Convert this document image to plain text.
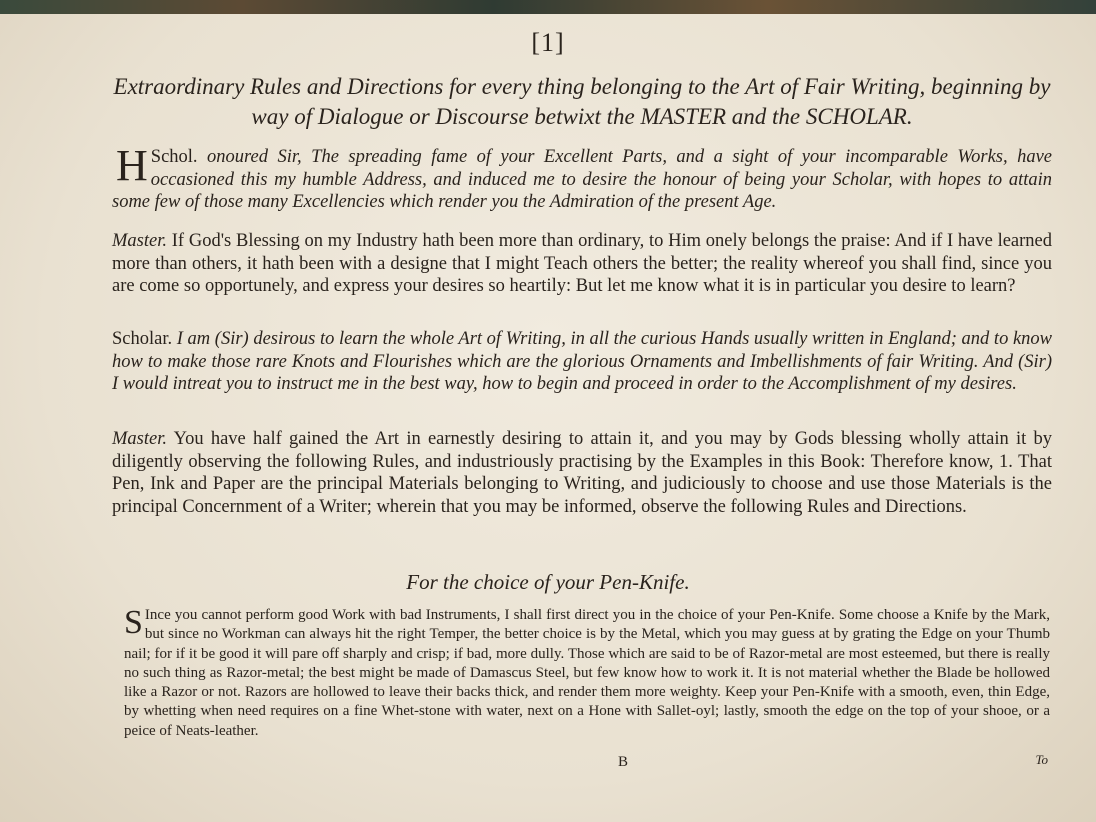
[1]
Extraordinary Rules and Directions for every thing belonging to the Art of Fair Writing, beginning by way of Dialogue or Discourse betwixt the MASTER and the SCHOLAR.
Schol.
H	onoured Sir, The spreading fame of your Excellent Parts, and a sight of your incomparable Works, have occasioned this my humble Address, and induced me to desire the honour of being your Scholar, with hopes to attain some few of those many Excellencies which render you the Admiration of the present Age.
Master. If God's Blessing on my Industry hath been more than ordinary, to Him onely belongs the praise: And if I have learned more than others, it hath been with a designe that I might Teach others the better; the reality whereof you shall find, since you are come so opportunely, and express your desires so heartily: But let me know what it is in particular you desire to learn?
Scholar. I am (Sir) desirous to learn the whole Art of Writing, in all the curious Hands usually written in England; and to know how to make those rare Knots and Flourishes which are the glorious Ornaments and Imbellishments of fair Writing. And (Sir) I would intreat you to instruct me in the best way, how to begin and proceed in order to the Accomplishment of my desires.
Master. You have half gained the Art in earnestly desiring to attain it, and you may by Gods blessing wholly attain it by diligently observing the following Rules, and industriously practising by the Examples in this Book: Therefore know, 1. That Pen, Ink and Paper are the principal Materials belonging to Writing, and judiciously to choose and use those Materials is the principal Concernment of a Writer; wherein that you may be informed, observe the following Rules and Directions.
For the choice of your Pen-Knife.
S Ince you cannot perform good Work with bad Instruments, I shall first direct you in the choice of your Pen-Knife. Some choose a Knife by the Mark, but since no Workman can always hit the right Temper, the better choice is by the Metal, which you may guess at by grating the Edge on your Thumb nail; for if it be good it will pare off sharply and crisp; if bad, more dully. Those which are said to be of Razor-metal are most esteemed, but there is really no such thing as Razor-metal; the best might be made of Damascus Steel, but few know how to work it. It is not material whether the Blade be hollowed like a Razor or not. Razors are hollowed to leave their backs thick, and render them more weighty. Keep your Pen-Knife with a smooth, even, thin Edge, by whetting when need requires on a fine Whet-stone with water, next on a Hone with Sallet-oyl; lastly, smooth the edge on the top of your shooe, or a peice of Neats-leather.
B	To
